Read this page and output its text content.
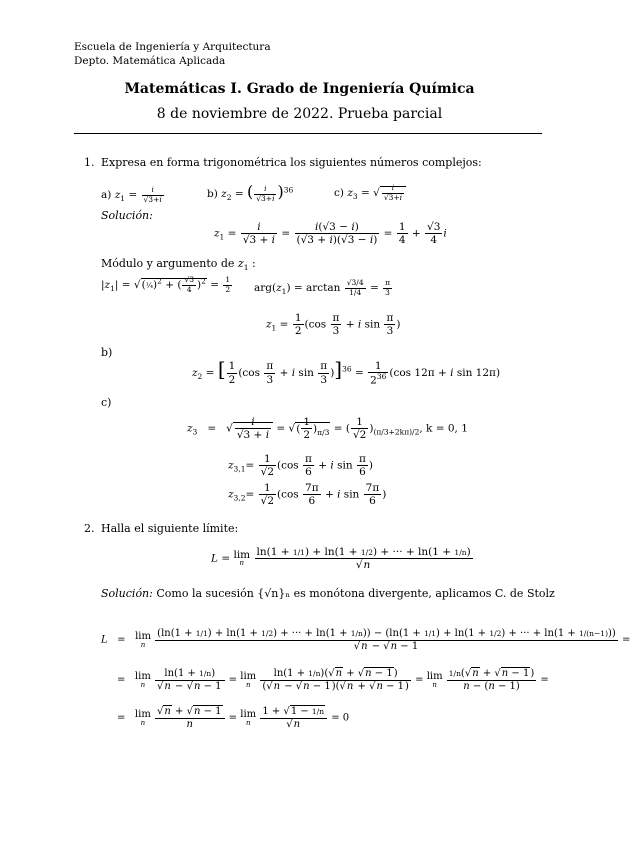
Escuela de Ingeniería y Arquitectura
Depto. Matemática Aplicada
Matemáticas I. Grado de Ingeniería Química
8 de noviembre de 2022. Prueba parcial
1. Expresa en forma trigonométrica los siguientes números complejos:
a) $z_1 = \frac{i}{√3+i}$	b) $z_2$ = ( $\frac{i}{√3+i} )^{36}$	c) $z_3$ = √ $\frac{i}{√3+i}$
Solución:
$z_1 = \frac{i}{√3 + i} = \frac{i(√3 - i)}{(√3 + i)(√3 - i)} = \frac{1}{4} + \frac{√3}{4}$ i
Módulo y argumento de $z_1$ :
$|z_1|$ = √(¼)$^2$ + ( $\frac{√3}{4} )^2 = \frac{1}{2} arg(z_1) = \arctan \frac{√3/4}{1/4} = \frac{\pi}{3}$
$z_1 = \frac{1}{2} (\cos \frac{\pi}{3} + i$ $\sin \frac{\pi}{3}$ )
b)
$z_2$ = [ $\frac{1}{2} (\cos \frac{\pi}{3} + i$ $\sin \frac{\pi}{3} )]^{36} = \frac{1}{2^{36}} (\cos$ 12π + i sin 12π)
c)
$z_3$   =   √ $\frac{i}{√3 + i}$ = √( $\frac{1}{2} )_{\pi/3}$ = ( $\frac{1}{√2} )_{(\pi/3+2k\pi)/2}$, k = 0, 1
$z_{3,1}= \frac{1}{√2} (\cos \frac{\pi}{6} + i$ $\sin \frac{\pi}{6}$ )
$z_{3,2}= \frac{1}{√2} (\cos \frac{7\pi}{6} + i$ $\sin \frac{7\pi}{6}$ )
2. Halla el siguiente límite:
L = lim
n
$\frac{\ln(1 + 1/1) + \ln(1 + 1/2) + \cdot\cdot\cdot + \ln(1 + 1/n)}{√n}$
Solución: Como la sucesión {√n}ₙ es monótona divergente, aplicamos C. de Stolz
L   = lim
n

(ln(1 + 1/1) + ln(1 + 1/2) + ··· + ln(1 + 1/n)) − (ln(1 + 1/1) + ln(1 + 1/2) + ··· + ln(1 + 1/(n−1)))
√n − √n − 1
=
= lim
n
$\frac{\ln(1 + 1/n)}{√n - √n - 1} = \lim$
n
$\frac{\ln(1 + 1/n)(√n + √n - 1)}{(√n - √n - 1)(√n + √n - 1)} = \lim$
n
	$\frac{1/n(√n + √n - 1)}{n - (n - 1)}$ =
= lim
n
$\frac{√n + √n - 1}{n} = \lim$
n
$\frac{1 + √1 - 1/n}{√n} = 0$
